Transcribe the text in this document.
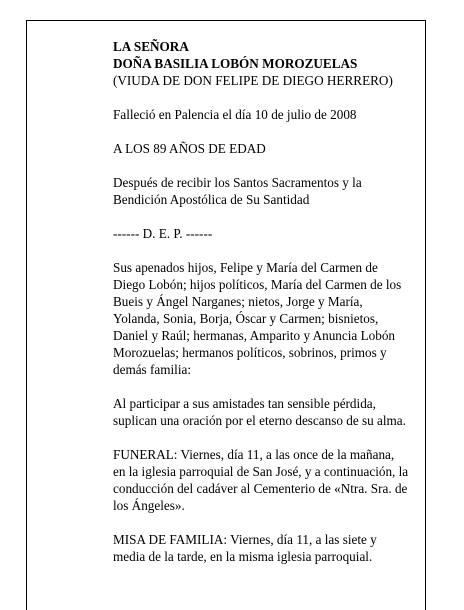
LA SEÑORA

DOÑA BASILIA LOBÓN MOROZUELAS

(VIUDA DE DON FELIPE DE DIEGO HERRERO)

Falleció en Palencia el día 10 de julio de 2008

A LOS 89 AÑOS DE EDAD

Después de recibir los Santos Sacramentos y la
Bendición Apostólica de Su Santidad

------ D. E. P. ------

Sus apenados hijos, Felipe y María del Carmen de
Diego Lobón; hijos políticos, María del Carmen de los
Bueis y Ángel Narganes; nietos, Jorge y María,
Yolanda, Sonia, Borja, Óscar y Carmen; bisnietos,
Daniel y Raúl; hermanas, Amparito y Anuncia Lobón
Morozuelas; hermanos políticos, sobrinos, primos y
demás familia:

Al participar a sus amistades tan sensible pérdida,
suplican una oración por el eterno descanso de su alma.

FUNERAL: Viernes, día 11, a las once de la mañana,
en la iglesia parroquial de San José, y a continuación, la
conducción del cadáver al Cementerio de «Ntra. Sra. de
los Ángeles».

MISA DE FAMILIA: Viernes, día 11, a las siete y
media de la tarde, en la misma iglesia parroquial.
